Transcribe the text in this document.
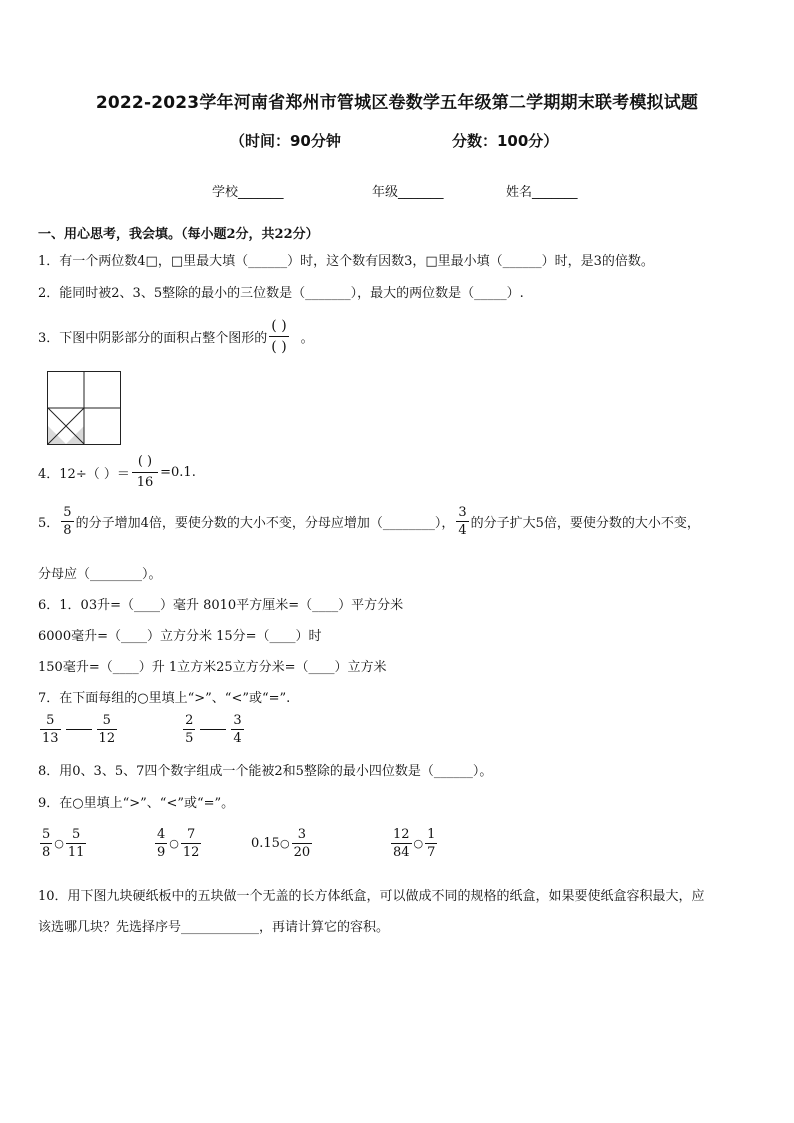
2022-2023学年河南省郑州市管城区卷数学五年级第二学期期末联考模拟试题
（时间：90分钟	分数：100分）
学校_______	年级_______	姓名_______
一、用心思考，我会填。（每小题2分，共22分）
1．有一个两位数4□，□里最大填（______）时，这个数有因数3，□里最小填（______）时，是3的倍数。
2．能同时被2、3、5整除的最小的三位数是（_______），最大的两位数是（_____）.
3．下图中阴影部分的面积占整个图形的 $\frac{( )}{( )}$ 。
4．12÷（ ）＝ $\frac{( )}{16} =0.1$.
5． $\frac{5}{8}$ 的分子增加4倍，要使分数的大小不变，分母应增加（________）， $\frac{3}{4}$ 的分子扩大5倍，要使分数的大小不变，
分母应（________）。
6．1．03升=（____）毫升 8010平方厘米=（____）平方分米
6000毫升=（____）立方分米 15分=（____）时
150毫升=（____）升 1立方米25立方分米=（____）立方米
7．在下面每组的○里填上“>”、“<”或“=”.
$\frac{5}{13}$	$\frac{5}{12}$	$\frac{2}{5}$	$\frac{3}{4}$
8．用0、3、5、7四个数字组成一个能被2和5整除的最小四位数是（______）。
9．在○里填上“>”、“<”或“=”。
$\frac{5}{8}$ ○ $\frac{5}{11}$	$\frac{4}{9}$ ○ $\frac{7}{12}$	0.15 ○ $\frac{3}{20}$	$\frac{12}{84}$ ○ $\frac{1}{7}$
10．用下图九块硬纸板中的五块做一个无盖的长方体纸盒，可以做成不同的规格的纸盒，如果要使纸盒容积最大，应
该选哪几块？先选择序号____________，再请计算它的容积。
